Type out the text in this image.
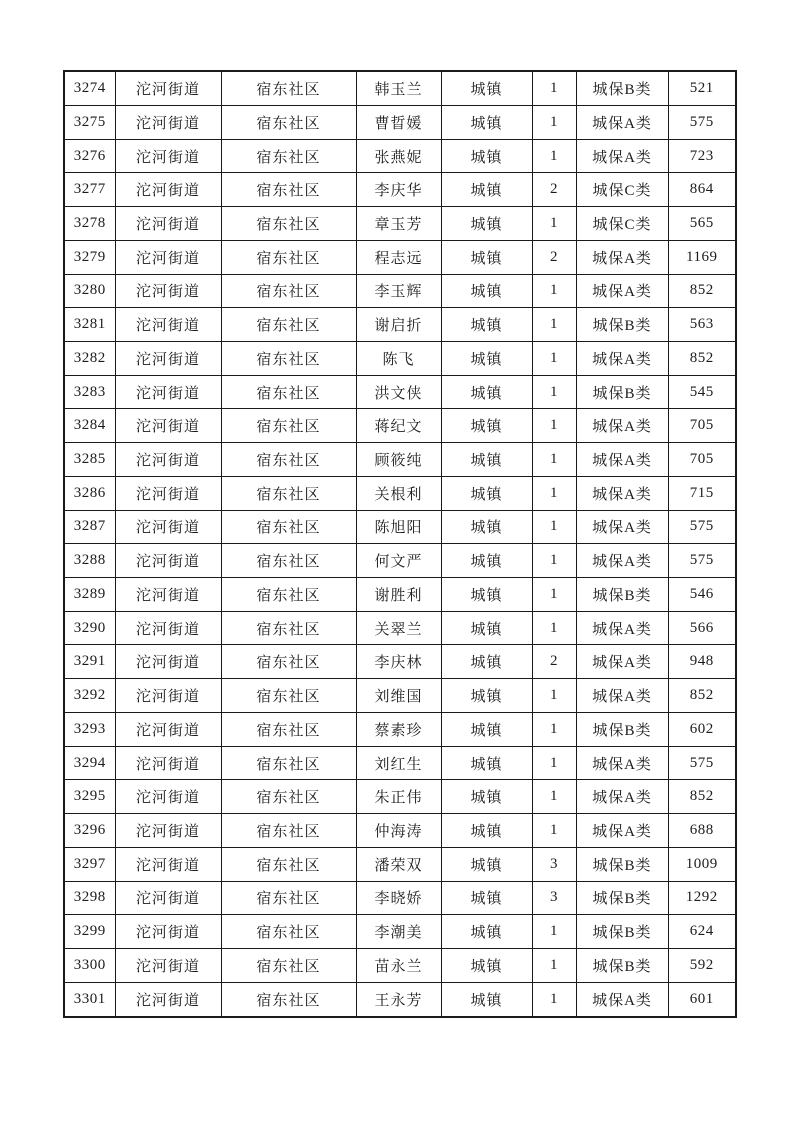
3274	沱河街道	宿东社区	韩玉兰	城镇	1	城保B类	521
3275	沱河街道	宿东社区	曹晢媛	城镇	1	城保A类	575
3276	沱河街道	宿东社区	张燕妮	城镇	1	城保A类	723
3277	沱河街道	宿东社区	李庆华	城镇	2	城保C类	864
3278	沱河街道	宿东社区	章玉芳	城镇	1	城保C类	565
3279	沱河街道	宿东社区	程志远	城镇	2	城保A类	1169
3280	沱河街道	宿东社区	李玉辉	城镇	1	城保A类	852
3281	沱河街道	宿东社区	谢启折	城镇	1	城保B类	563
3282	沱河街道	宿东社区	陈飞	城镇	1	城保A类	852
3283	沱河街道	宿东社区	洪文侠	城镇	1	城保B类	545
3284	沱河街道	宿东社区	蒋纪文	城镇	1	城保A类	705
3285	沱河街道	宿东社区	顾筱纯	城镇	1	城保A类	705
3286	沱河街道	宿东社区	关根利	城镇	1	城保A类	715
3287	沱河街道	宿东社区	陈旭阳	城镇	1	城保A类	575
3288	沱河街道	宿东社区	何文严	城镇	1	城保A类	575
3289	沱河街道	宿东社区	谢胜利	城镇	1	城保B类	546
3290	沱河街道	宿东社区	关翠兰	城镇	1	城保A类	566
3291	沱河街道	宿东社区	李庆林	城镇	2	城保A类	948
3292	沱河街道	宿东社区	刘维国	城镇	1	城保A类	852
3293	沱河街道	宿东社区	蔡素珍	城镇	1	城保B类	602
3294	沱河街道	宿东社区	刘红生	城镇	1	城保A类	575
3295	沱河街道	宿东社区	朱正伟	城镇	1	城保A类	852
3296	沱河街道	宿东社区	仲海涛	城镇	1	城保A类	688
3297	沱河街道	宿东社区	潘荣双	城镇	3	城保B类	1009
3298	沱河街道	宿东社区	李晓娇	城镇	3	城保B类	1292
3299	沱河街道	宿东社区	李潮美	城镇	1	城保B类	624
3300	沱河街道	宿东社区	苗永兰	城镇	1	城保B类	592
3301	沱河街道	宿东社区	王永芳	城镇	1	城保A类	601
